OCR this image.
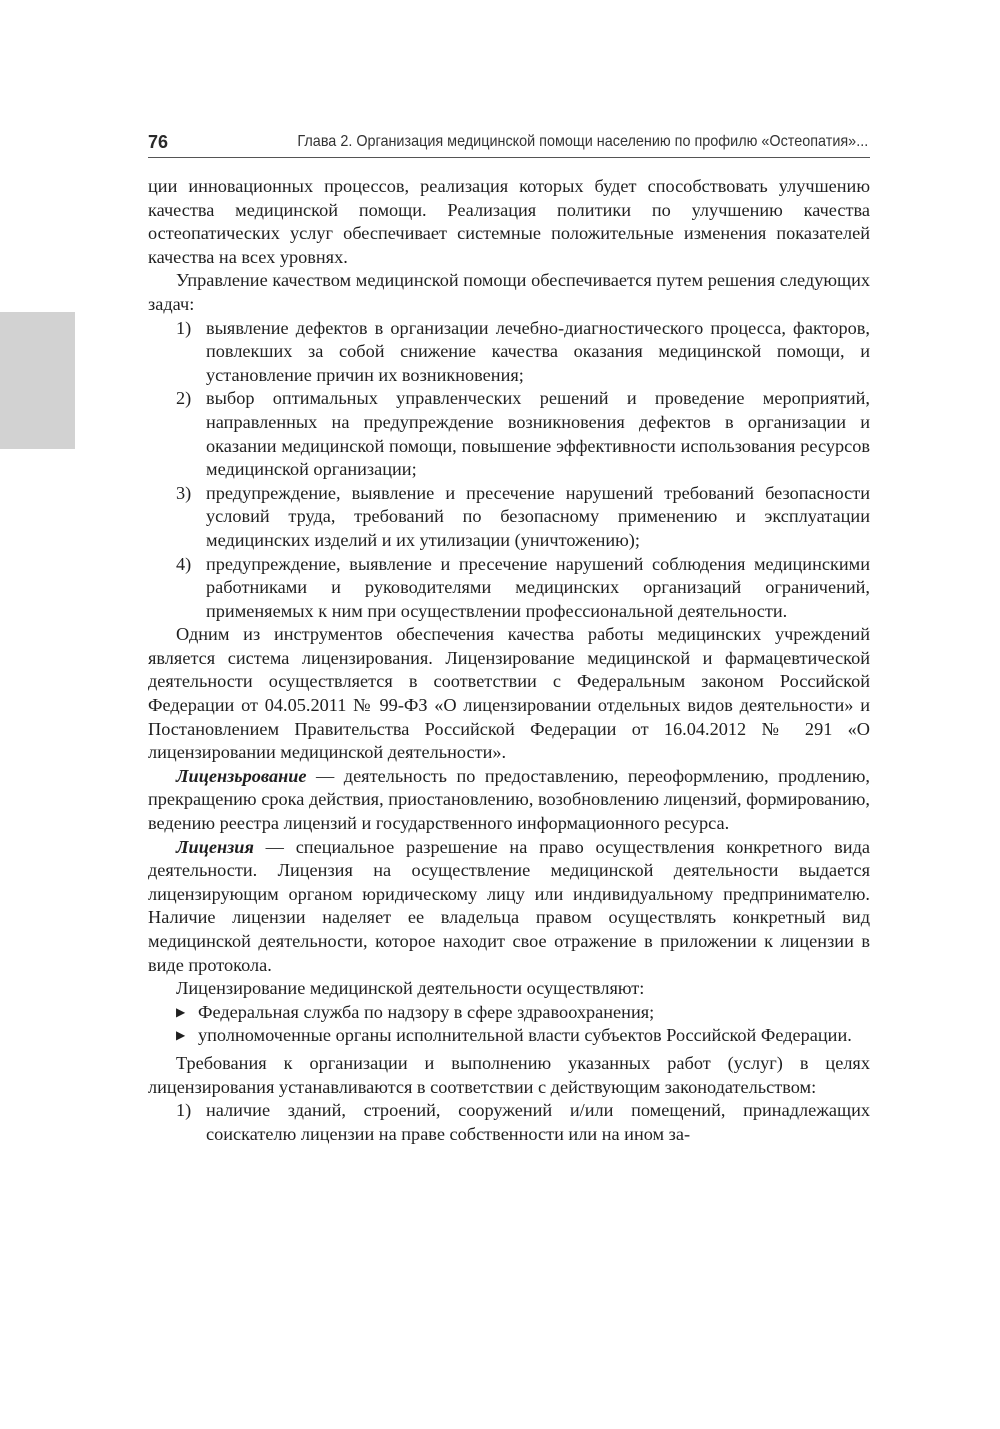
76	Глава 2. Организация медицинской помощи населению по профилю «Остеопатия»...

ции инновационных процессов, реализация которых будет способствовать улучшению качества медицинской помощи. Реализация политики по улучшению качества остеопатических услуг обеспечивает системные положительные изменения показателей качества на всех уровнях.

Управление качеством медицинской помощи обеспечивается путем решения следующих задач:

1) выявление дефектов в организации лечебно-диагностического процесса, факторов, повлекших за собой снижение качества оказания медицинской помощи, и установление причин их возникновения;
2) выбор оптимальных управленческих решений и проведение мероприятий, направленных на предупреждение возникновения дефектов в организации и оказании медицинской помощи, повышение эффективности использования ресурсов медицинской организации;
3) предупреждение, выявление и пресечение нарушений требований безопасности условий труда, требований по безопасному применению и эксплуатации медицинских изделий и их утилизации (уничтожению);
4) предупреждение, выявление и пресечение нарушений соблюдения медицинскими работниками и руководителями медицинских организаций ограничений, применяемых к ним при осуществлении профессиональной деятельности.

Одним из инструментов обеспечения качества работы медицинских учреждений является система лицензирования. Лицензирование медицинской и фармацевтической деятельности осуществляется в соответствии с Федеральным законом Российской Федерации от 04.05.2011 № 99-ФЗ «О лицензировании отдельных видов деятельности» и Постановлением Правительства Российской Федерации от 16.04.2012 № 291 «О лицензировании медицинской деятельности».

Лицензьрование — деятельность по предоставлению, переоформлению, продлению, прекращению срока действия, приостановлению, возобновлению лицензий, формированию, ведению реестра лицензий и государственного информационного ресурса.

Лицензия — специальное разрешение на право осуществления конкретного вида деятельности. Лицензия на осуществление медицинской деятельности выдается лицензирующим органом юридическому лицу или индивидуальному предпринимателю. Наличие лицензии наделяет ее владельца правом осуществлять конкретный вид медицинской деятельности, которое находит свое отражение в приложении к лицензии в виде протокола.

Лицензирование медицинской деятельности осуществляют:

▶ Федеральная служба по надзору в сфере здравоохранения;
▶ уполномоченные органы исполнительной власти субъектов Российской Федерации.

Требования к организации и выполнению указанных работ (услуг) в целях лицензирования устанавливаются в соответствии с действующим законодательством:

1) наличие зданий, строений, сооружений и/или помещений, принадлежащих соискателю лицензии на праве собственности или на ином за-
